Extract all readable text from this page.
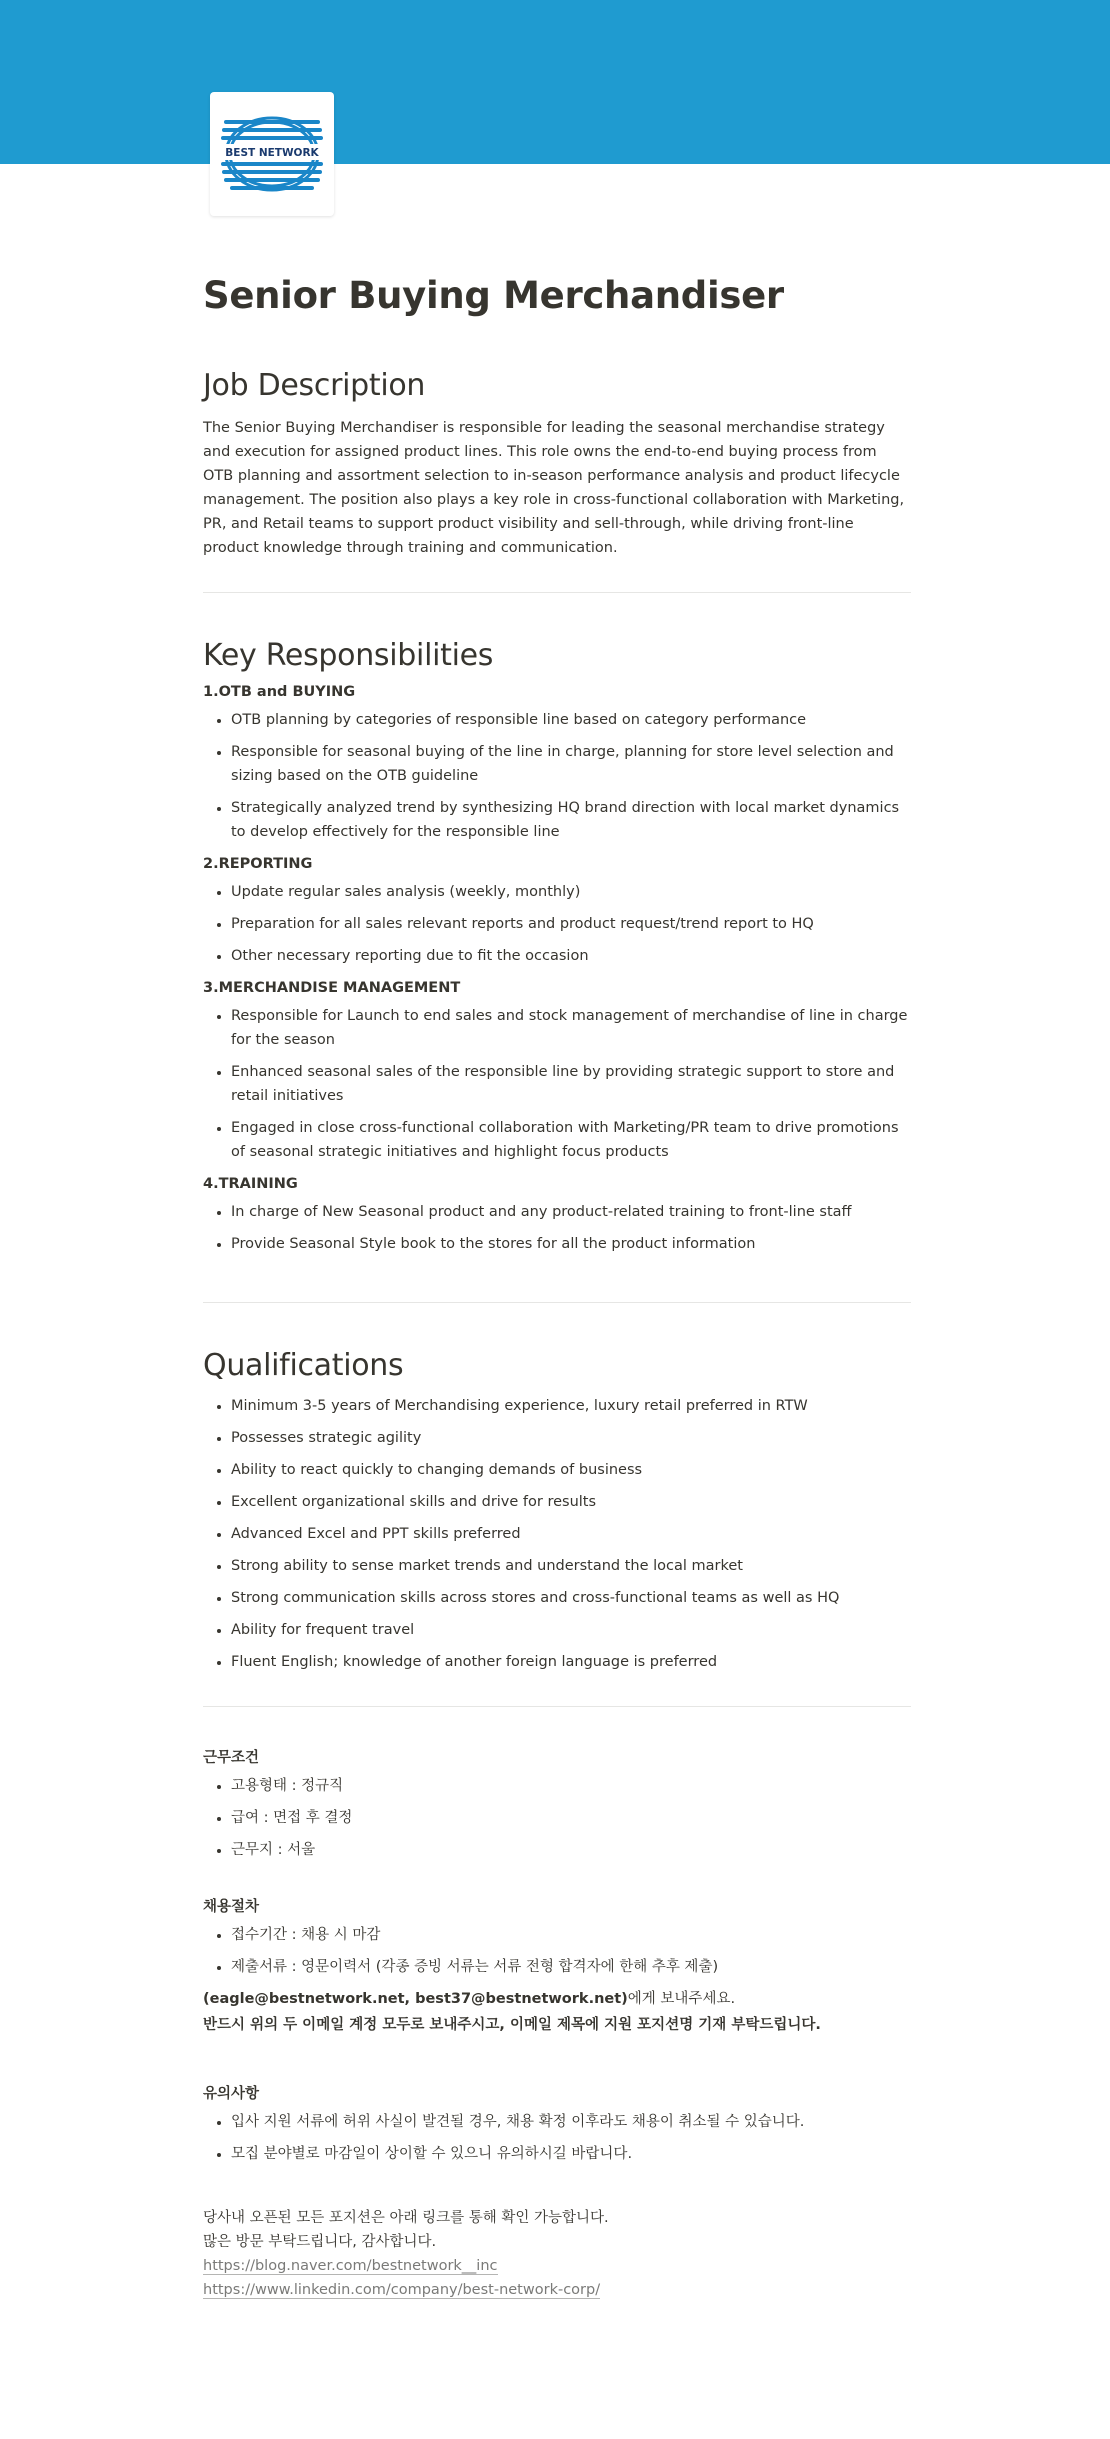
BEST NETWORK
Senior Buying Merchandiser
Job Description

The Senior Buying Merchandiser is responsible for leading the seasonal merchandise strategy and execution for assigned product lines. This role owns the end-to-end buying process from OTB planning and assortment selection to in-season performance analysis and product lifecycle management. The position also plays a key role in cross-functional collaboration with Marketing, PR, and Retail teams to support product visibility and sell-through, while driving front-line product knowledge through training and communication.

Key Responsibilities
1.OTB and BUYING
• OTB planning by categories of responsible line based on category performance
• Responsible for seasonal buying of the line in charge, planning for store level selection and sizing based on the OTB guideline
• Strategically analyzed trend by synthesizing HQ brand direction with local market dynamics to develop effectively for the responsible line
2.REPORTING
• Update regular sales analysis (weekly, monthly)
• Preparation for all sales relevant reports and product request/trend report to HQ
• Other necessary reporting due to fit the occasion
3.MERCHANDISE MANAGEMENT
• Responsible for Launch to end sales and stock management of merchandise of line in charge for the season
• Enhanced seasonal sales of the responsible line by providing strategic support to store and retail initiatives
• Engaged in close cross-functional collaboration with Marketing/PR team to drive promotions of seasonal strategic initiatives and highlight focus products
4.TRAINING
• In charge of New Seasonal product and any product-related training to front-line staff
• Provide Seasonal Style book to the stores for all the product information
Qualifications
• Minimum 3-5 years of Merchandising experience, luxury retail preferred in RTW
• Possesses strategic agility
• Ability to react quickly to changing demands of business
• Excellent organizational skills and drive for results
• Advanced Excel and PPT skills preferred
• Strong ability to sense market trends and understand the local market
• Strong communication skills across stores and cross-functional teams as well as HQ
• Ability for frequent travel
• Fluent English; knowledge of another foreign language is preferred
근무조건
• 고용형태 : 정규직
• 급여 : 면접 후 결정
• 근무지 : 서울
채용절차
• 접수기간 : 채용 시 마감
• 제출서류 : 영문이력서 (각종 증빙 서류는 서류 전형 합격자에 한해 추후 제출)

(eagle@bestnetwork.net, best37@bestnetwork.net)에게 보내주세요.

반드시 위의 두 이메일 계정 모두로 보내주시고, 이메일 제목에 지원 포지션명 기재 부탁드립니다.

유의사항
• 입사 지원 서류에 허위 사실이 발견될 경우, 채용 확정 이후라도 채용이 취소될 수 있습니다.
• 모집 분야별로 마감일이 상이할 수 있으니 유의하시길 바랍니다.

당사내 오픈된 모든 포지션은 아래 링크를 통해 확인 가능합니다.

많은 방문 부탁드립니다, 감사합니다.

https://blog.naver.com/bestnetwork__inc

https://www.linkedin.com/company/best-network-corp/
